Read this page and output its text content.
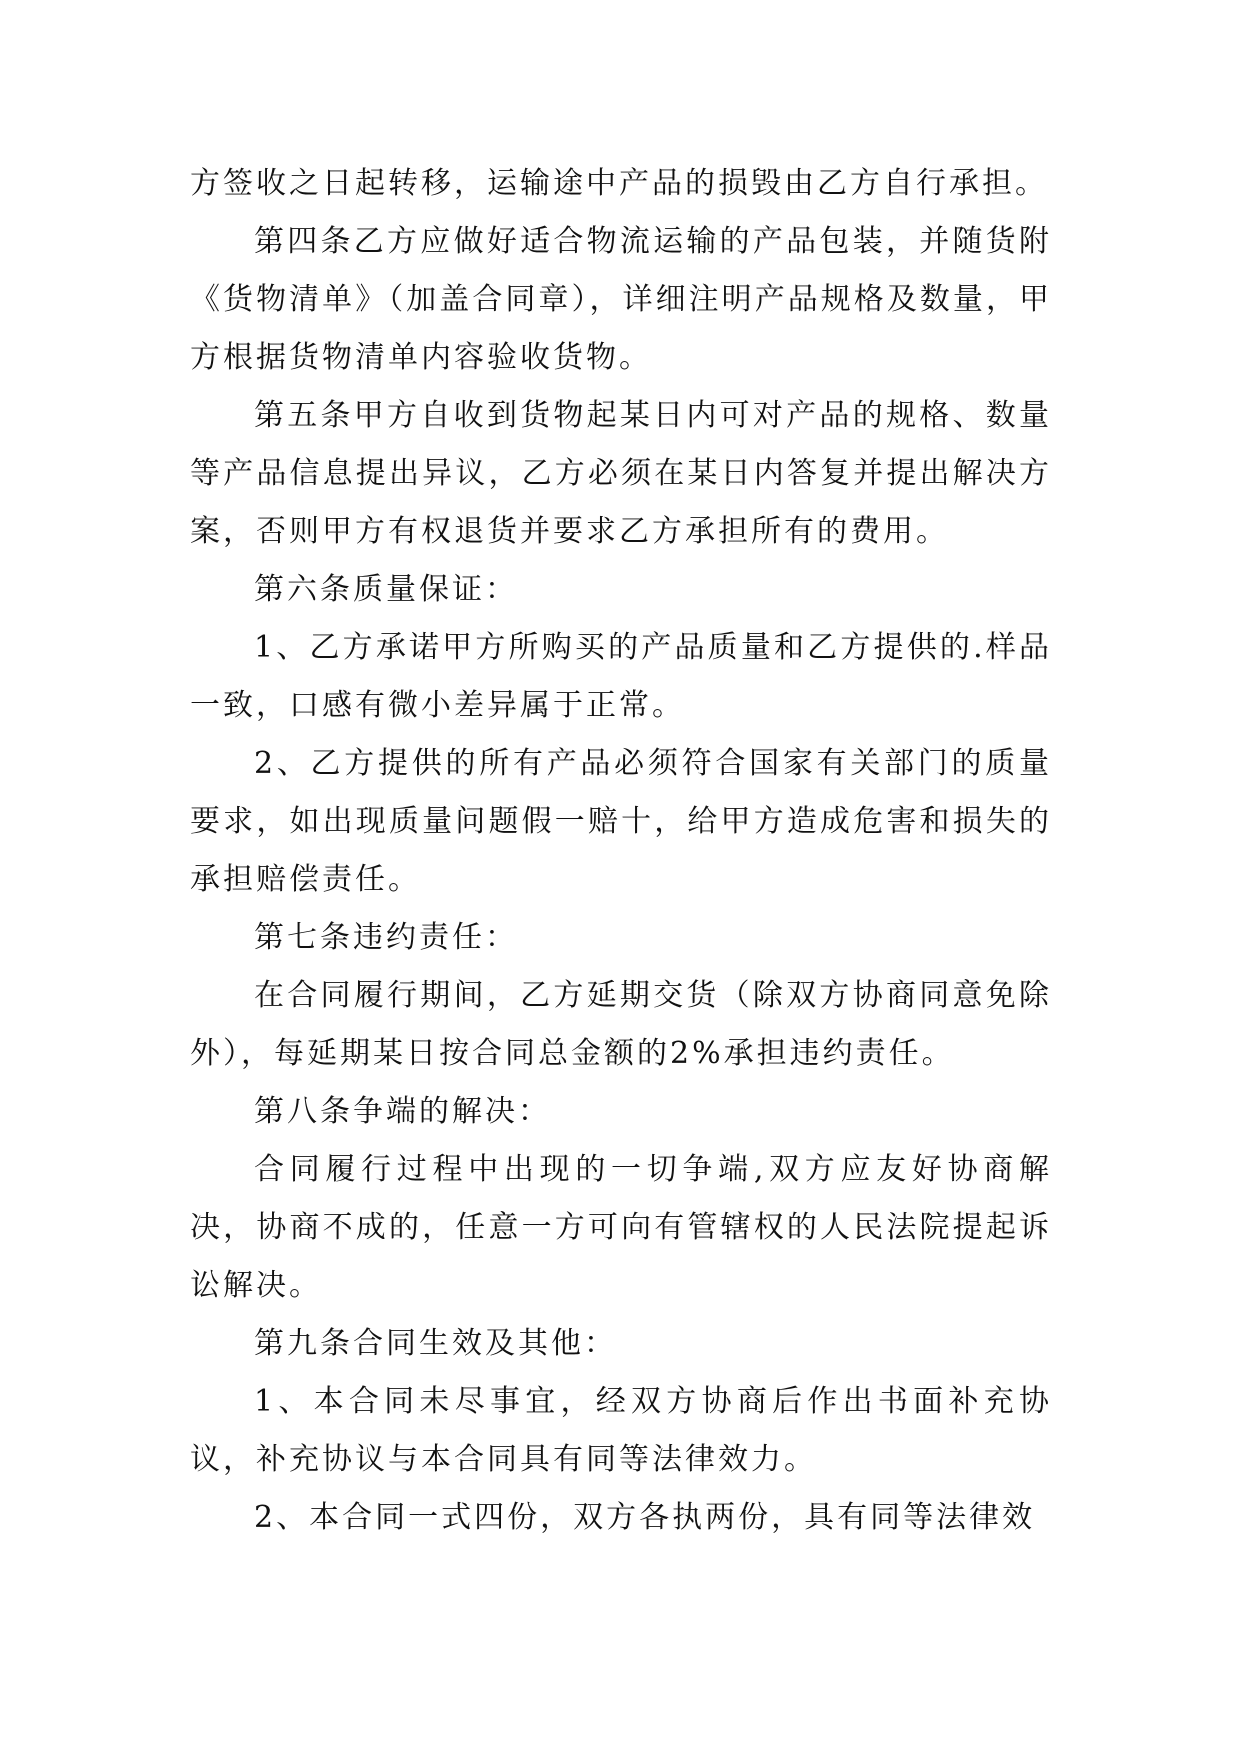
方签收之日起转移，运输途中产品的损毁由乙方自行承担。

第四条乙方应做好适合物流运输的产品包装，并随货附《货物清单》（加盖合同章），详细注明产品规格及数量，甲方根据货物清单内容验收货物。

第五条甲方自收到货物起某日内可对产品的规格、数量等产品信息提出异议，乙方必须在某日内答复并提出解决方案，否则甲方有权退货并要求乙方承担所有的费用。

第六条质量保证：

1、乙方承诺甲方所购买的产品质量和乙方提供的.样品一致，口感有微小差异属于正常。

2、乙方提供的所有产品必须符合国家有关部门的质量要求，如出现质量问题假一赔十，给甲方造成危害和损失的承担赔偿责任。

第七条违约责任：

在合同履行期间，乙方延期交货（除双方协商同意免除外），每延期某日按合同总金额的2%承担违约责任。

第八条争端的解决：

合同履行过程中出现的一切争端,双方应友好协商解决，协商不成的，任意一方可向有管辖权的人民法院提起诉讼解决。

第九条合同生效及其他：

1、本合同未尽事宜，经双方协商后作出书面补充协议，补充协议与本合同具有同等法律效力。

2、本合同一式四份，双方各执两份，具有同等法律效
